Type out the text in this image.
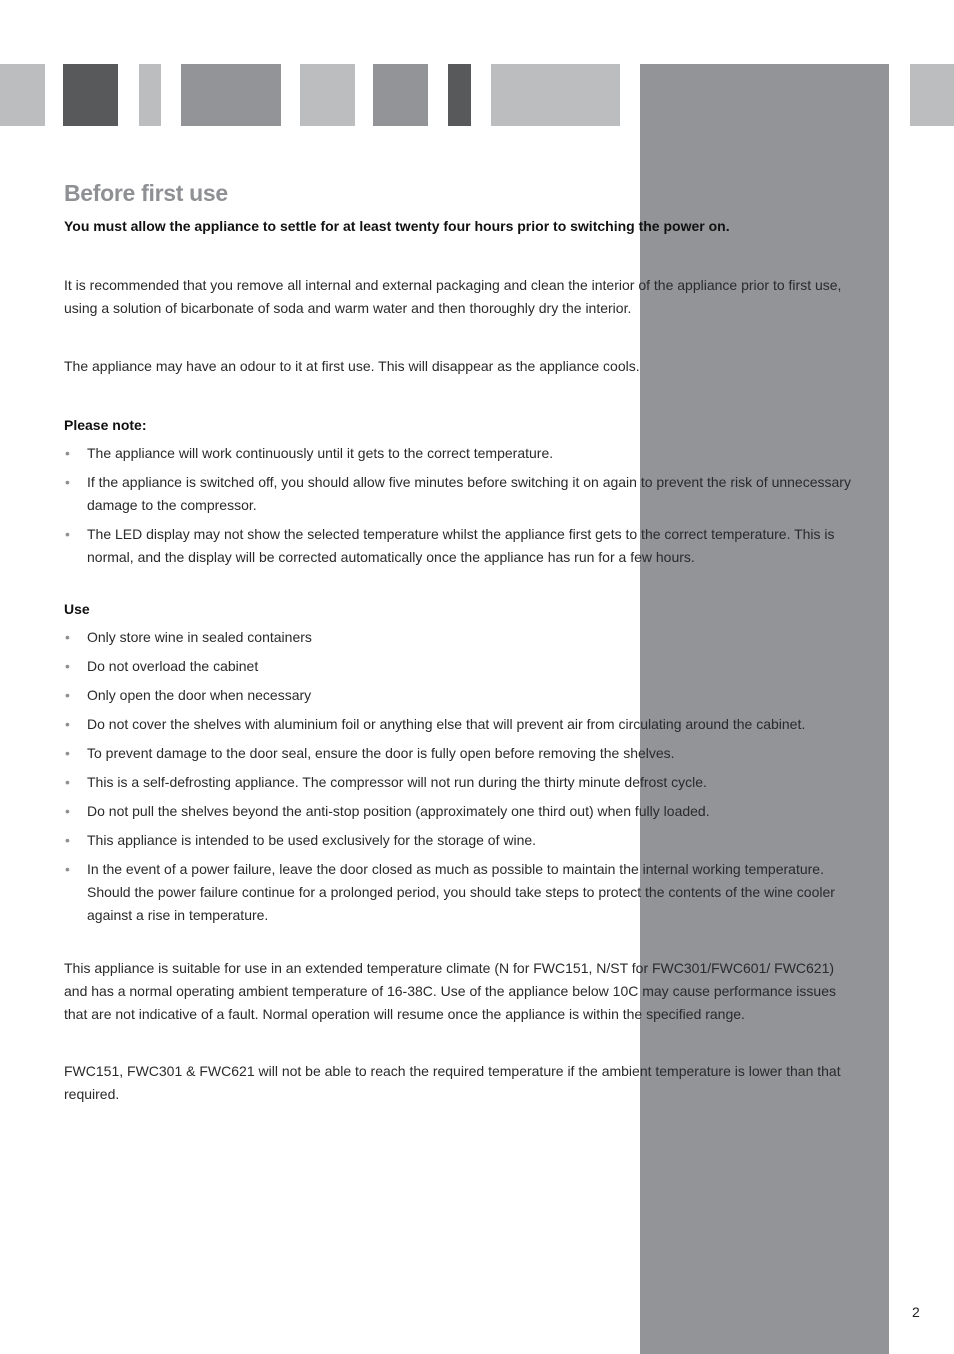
Before first use

You must allow the appliance to settle for at least twenty four hours prior to switching the power on.

It is recommended that you remove all internal and external packaging and clean the interior of the appliance prior to first use, using a solution of bicarbonate of soda and warm water and then thoroughly dry the interior.

The appliance may have an odour to it at first use. This will disappear as the appliance cools.

Please note:

• The appliance will work continuously until it gets to the correct temperature.
• If the appliance is switched off, you should allow five minutes before switching it on again to prevent the risk of unnecessary damage to the compressor.
• The LED display may not show the selected temperature whilst the appliance first gets to the correct temperature. This is normal, and the display will be corrected automatically once the appliance has run for a few hours.

Use

• Only store wine in sealed containers
• Do not overload the cabinet
• Only open the door when necessary
• Do not cover the shelves with aluminium foil or anything else that will prevent air from circulating around the cabinet.
• To prevent damage to the door seal, ensure the door is fully open before removing the shelves.
• This is a self-defrosting appliance. The compressor will not run during the thirty minute defrost cycle.
• Do not pull the shelves beyond the anti-stop position (approximately one third out) when fully loaded.
• This appliance is intended to be used exclusively for the storage of wine.
• In the event of a power failure, leave the door closed as much as possible to maintain the internal working temperature. Should the power failure continue for a prolonged period, you should take steps to protect the contents of the wine cooler against a rise in temperature.

This appliance is suitable for use in an extended temperature climate (N for FWC151, N/ST for FWC301/FWC601/ FWC621) and has a normal operating ambient temperature of 16-38C. Use of the appliance below 10C may cause performance issues that are not indicative of a fault. Normal operation will resume once the appliance is within the specified range.

FWC151, FWC301 & FWC621 will not be able to reach the required temperature if the ambient temperature is lower than that required.

2
